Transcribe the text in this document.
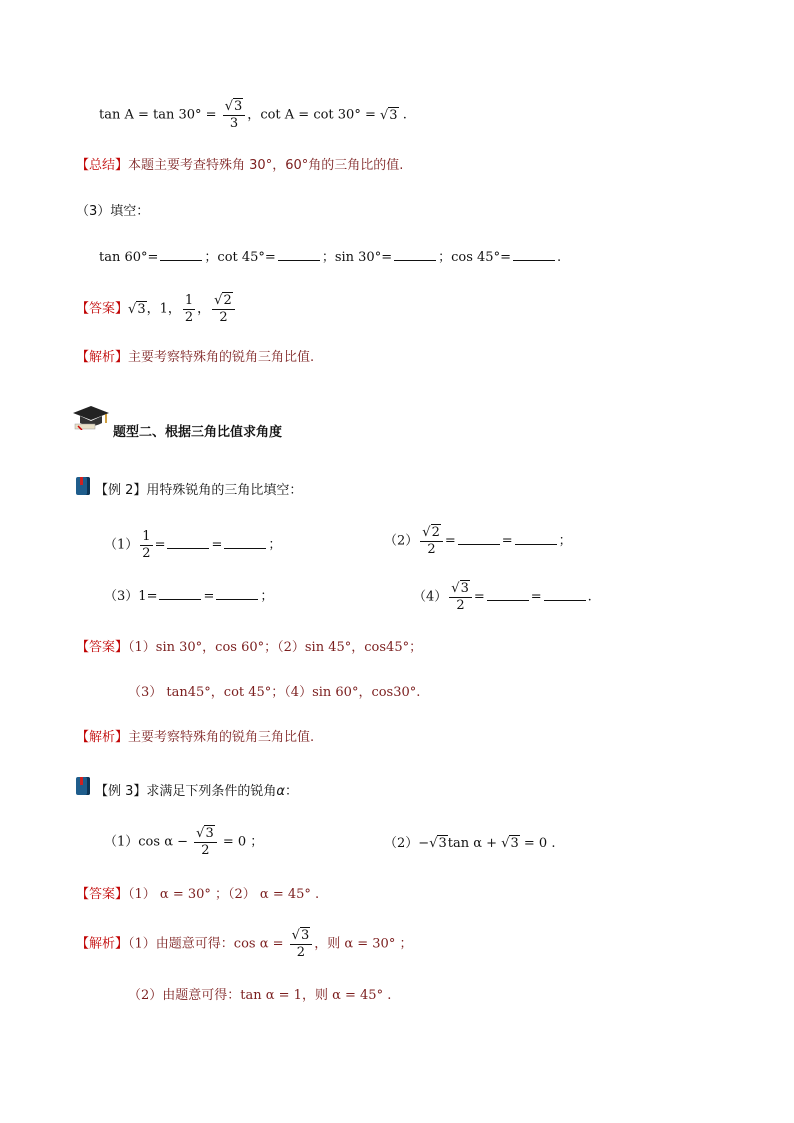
$\tan A = \tan 30^\circ = \frac{√3}{3}$ ，cot A = cot 30° = √3 .
【总结】本题主要考查特殊角 30°，60°角的三角比的值.
（3）填空：
tan 60°=	；cot 45°=	；sin 30°=	；cos 45°=	.
【答案】√3，1， $\frac{1}{2}$ ， $\frac{√2}{2}$
【解析】主要考察特殊角的锐角三角比值.
题型二、根据三角比值求角度
【例 2】用特殊锐角的三角比填空：
$(1) \frac{1}{2}$ =	=	；	$(2) \frac{√2}{2}$ =	=	；
（3）1=	=	；	$(4) \frac{√3}{2}$ =	=	.
【答案】（1）sin 30°，cos 60°；（2）sin 45°，cos45°；
（3） tan45°，cot 45°；（4）sin 60°，cos30°.
【解析】主要考察特殊角的锐角三角比值.
【例 3】求满足下列条件的锐角α：
（1）cos $\alpha - \frac{√3}{2} = 0$ ；	（2）−√3tan α + √3 = 0 .
【答案】（1） α = 30° ；（2） α = 45° .
【解析】（1）由题意可得：$\cos \alpha = \frac{√3}{2}$ ，则 α = 30° ；
（2）由题意可得：tan α = 1，则 α = 45° .
